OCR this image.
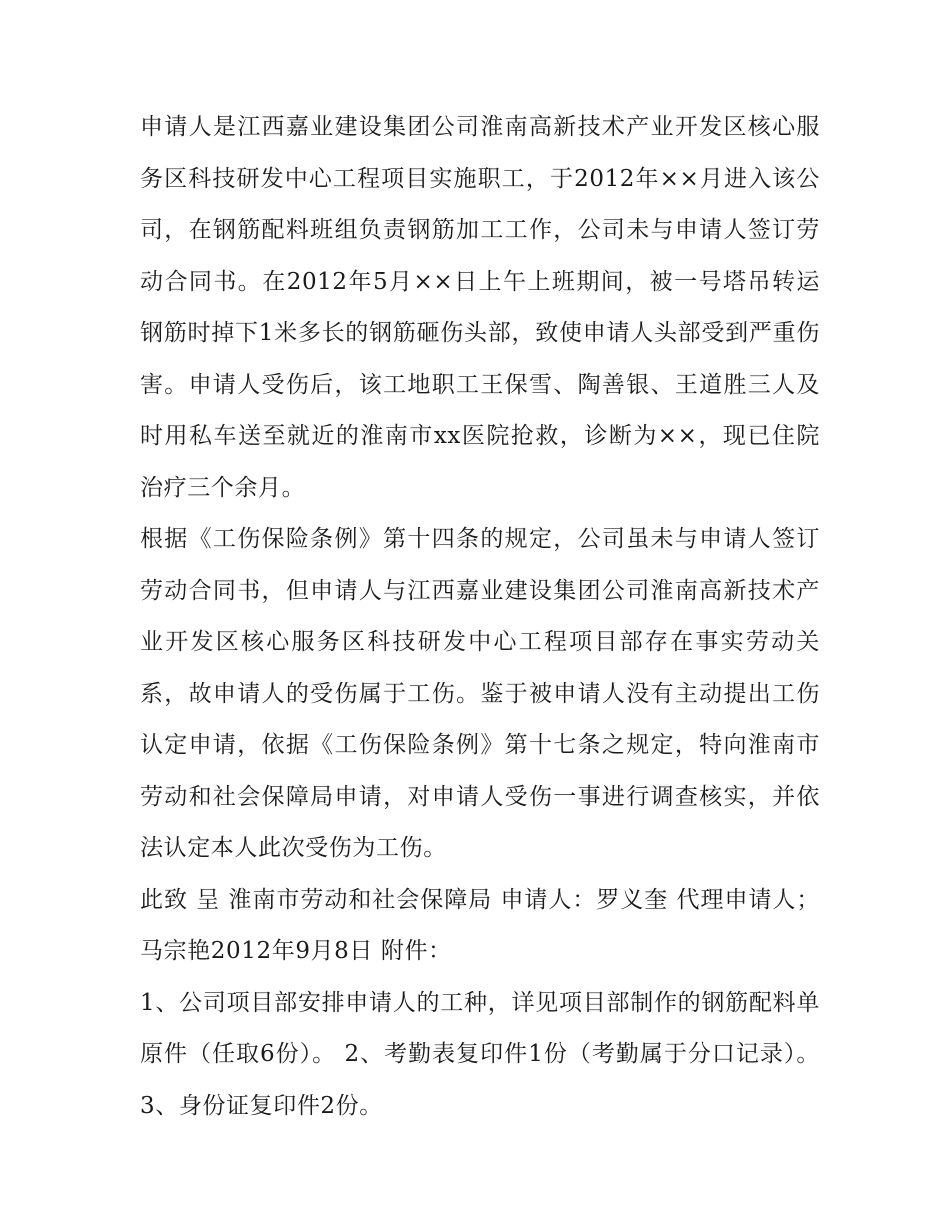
申请人是江西嘉业建设集团公司淮南高新技术产业开发区核心服务区科技研发中心工程项目实施职工，于2012年××月进入该公司，在钢筋配料班组负责钢筋加工工作，公司未与申请人签订劳动合同书。在2012年5月××日上午上班期间，被一号塔吊转运钢筋时掉下1米多长的钢筋砸伤头部，致使申请人头部受到严重伤害。申请人受伤后，该工地职工王保雪、陶善银、王道胜三人及时用私车送至就近的淮南市xx医院抢救，诊断为××，现已住院治疗三个余月。

根据《工伤保险条例》第十四条的规定，公司虽未与申请人签订劳动合同书，但申请人与江西嘉业建设集团公司淮南高新技术产业开发区核心服务区科技研发中心工程项目部存在事实劳动关系，故申请人的受伤属于工伤。鉴于被申请人没有主动提出工伤认定申请，依据《工伤保险条例》第十七条之规定，特向淮南市劳动和社会保障局申请，对申请人受伤一事进行调查核实，并依法认定本人此次受伤为工伤。

此致 呈 淮南市劳动和社会保障局 申请人：罗义奎 代理申请人；马宗艳2012年9月8日 附件：

1、公司项目部安排申请人的工种，详见项目部制作的钢筋配料单原件（任取6份）。 2、考勤表复印件1份（考勤属于分口记录）。 3、身份证复印件2份。
